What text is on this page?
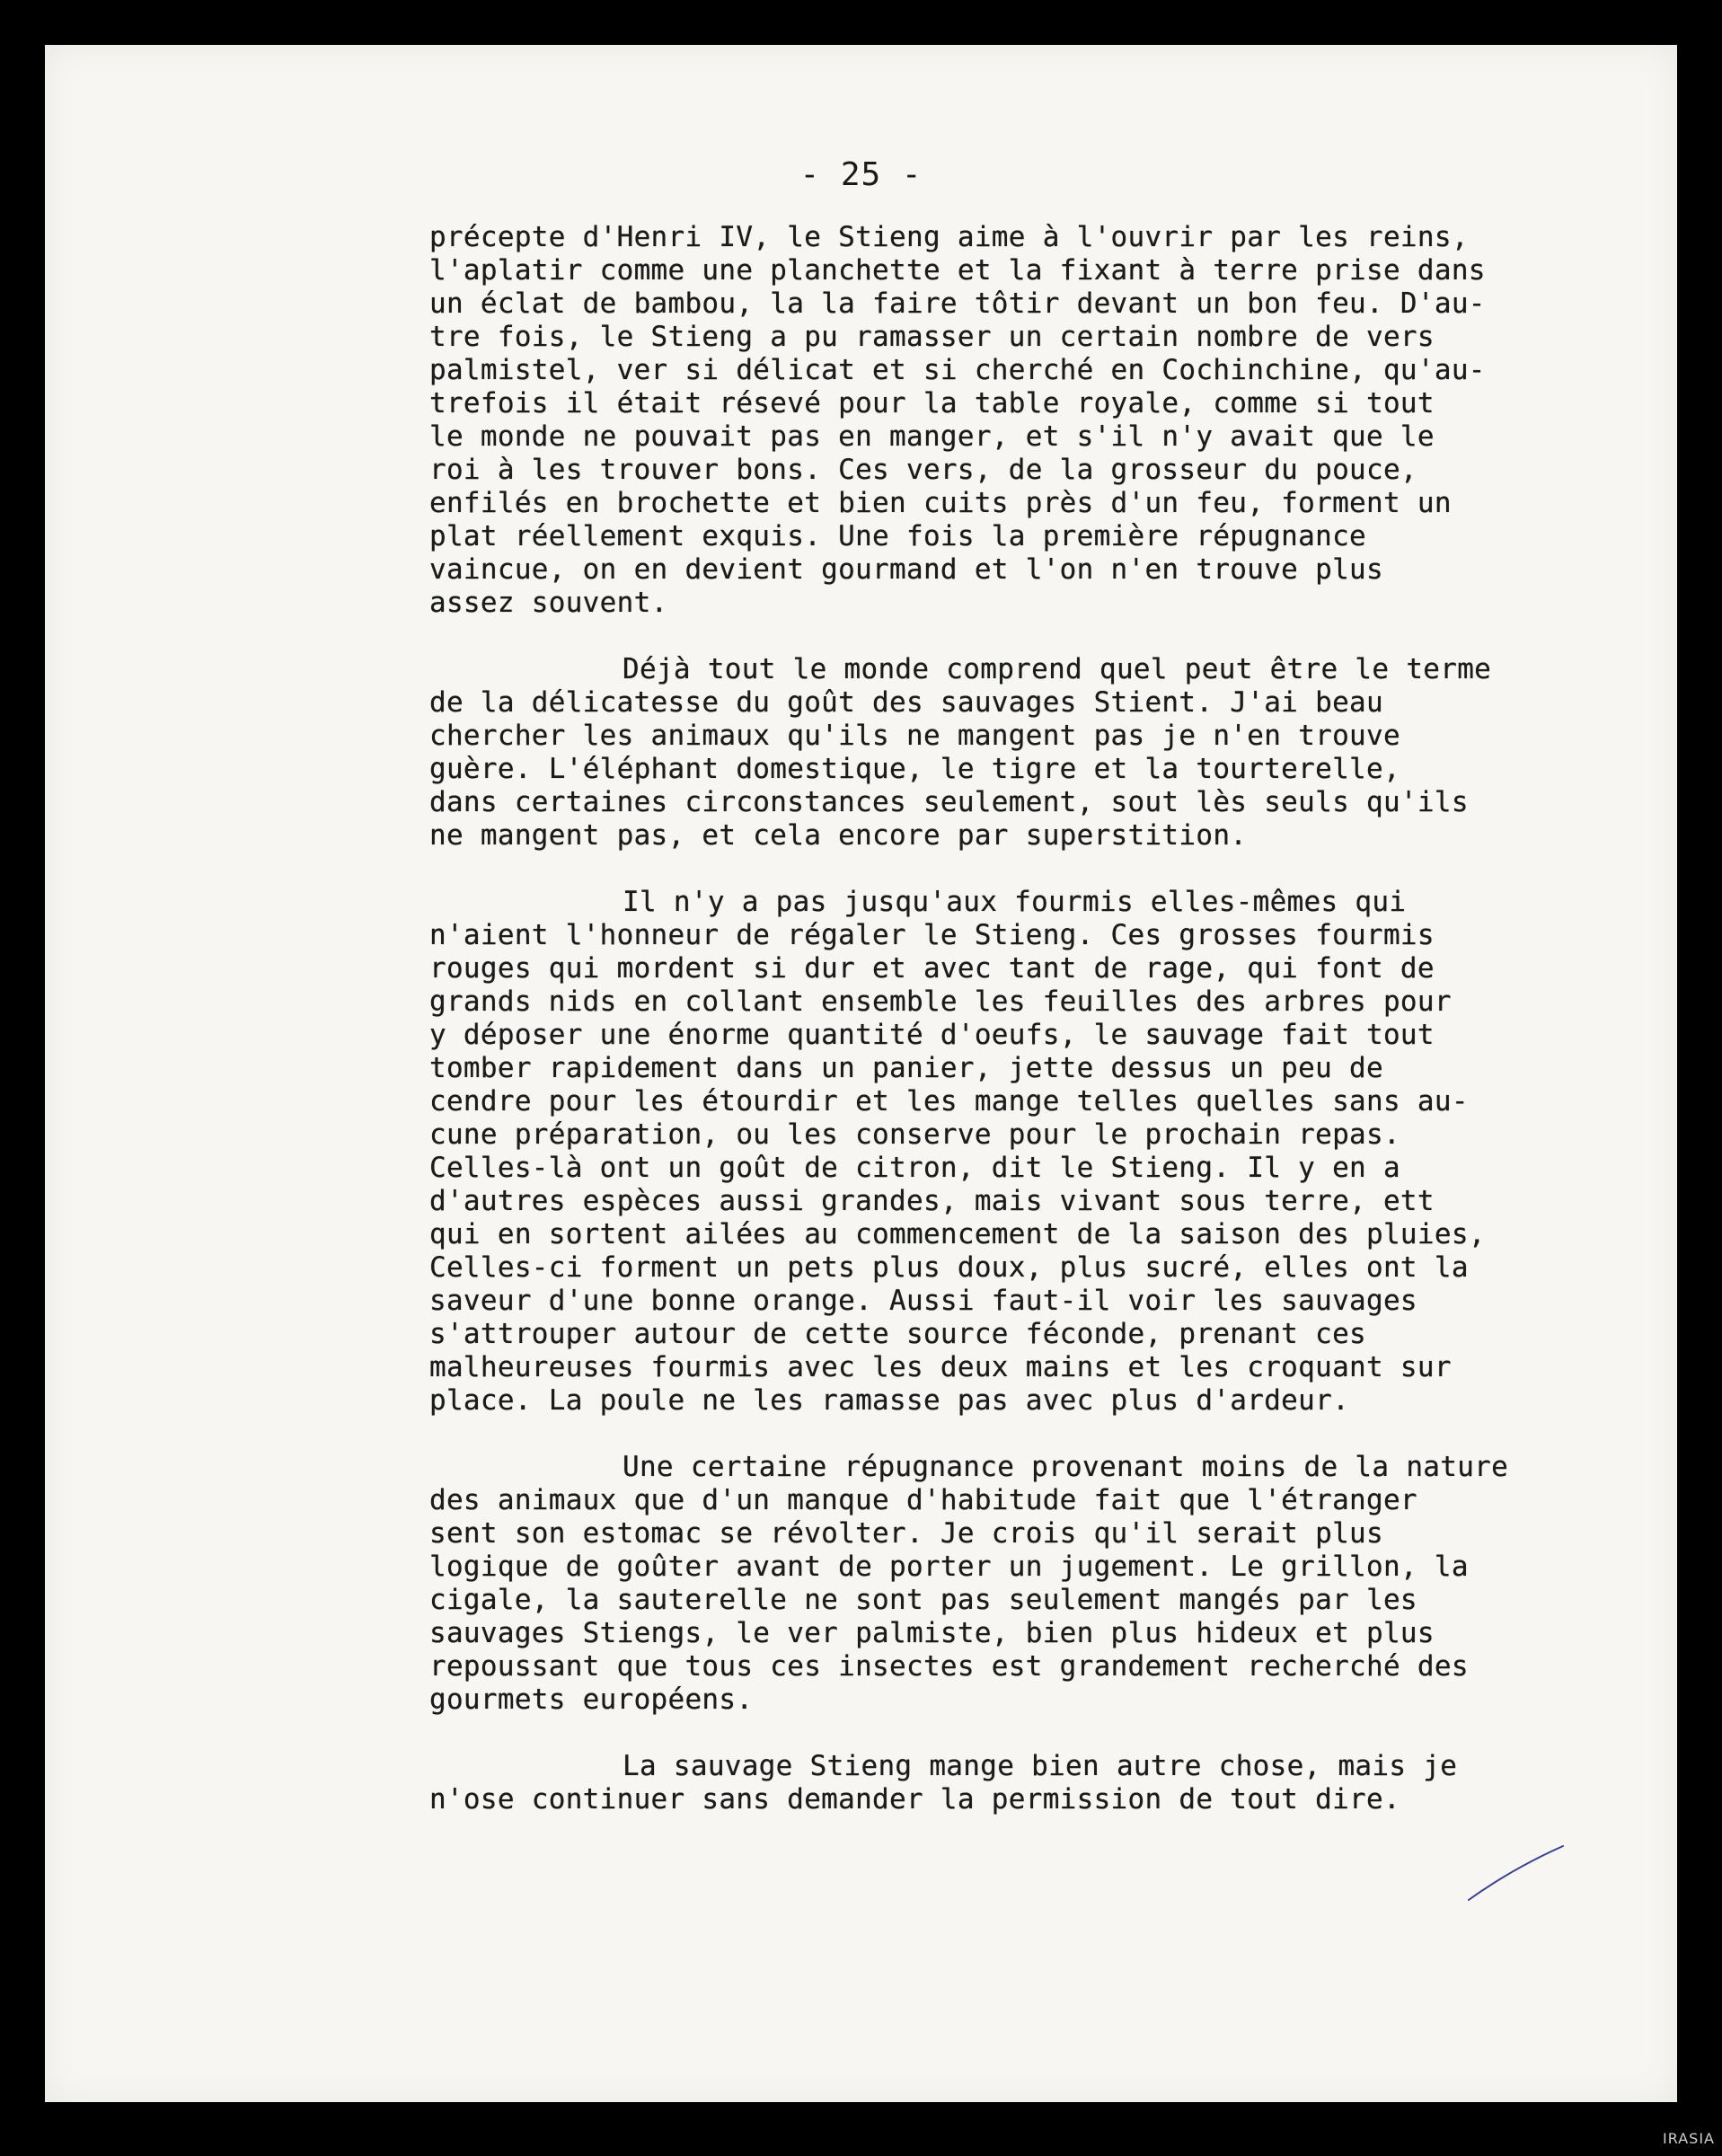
- 25 -
précepte d'Henri IV, le Stieng aime à l'ouvrir par les reins,
l'aplatir comme une planchette et la fixant à terre prise dans
un éclat de bambou, la la faire tôtir devant un bon feu. D'au-
tre fois, le Stieng a pu ramasser un certain nombre de vers
palmistel, ver si délicat et si cherché en Cochinchine, qu'au-
trefois il était résevé pour la table royale, comme si tout
le monde ne pouvait pas en manger, et s'il n'y avait que le
roi à les trouver bons. Ces vers, de la grosseur du pouce,
enfilés en brochette et bien cuits près d'un feu, forment un
plat réellement exquis. Une fois la première répugnance
vaincue, on en devient gourmand et l'on n'en trouve plus
assez souvent.
Déjà tout le monde comprend quel peut être le terme
de la délicatesse du goût des sauvages Stient. J'ai beau
chercher les animaux qu'ils ne mangent pas je n'en trouve
guère. L'éléphant domestique, le tigre et la tourterelle,
dans certaines circonstances seulement, sout lès seuls qu'ils
ne mangent pas, et cela encore par superstition.
Il n'y a pas jusqu'aux fourmis elles-mêmes qui
n'aient l'honneur de régaler le Stieng. Ces grosses fourmis
rouges qui mordent si dur et avec tant de rage, qui font de
grands nids en collant ensemble les feuilles des arbres pour
y déposer une énorme quantité d'oeufs, le sauvage fait tout
tomber rapidement dans un panier, jette dessus un peu de
cendre pour les étourdir et les mange telles quelles sans au-
cune préparation, ou les conserve pour le prochain repas.
Celles-là ont un goût de citron, dit le Stieng. Il y en a
d'autres espèces aussi grandes, mais vivant sous terre, ett
qui en sortent ailées au commencement de la saison des pluies,
Celles-ci forment un pets plus doux, plus sucré, elles ont la
saveur d'une bonne orange. Aussi faut-il voir les sauvages
s'attrouper autour de cette source féconde, prenant ces
malheureuses fourmis avec les deux mains et les croquant sur
place. La poule ne les ramasse pas avec plus d'ardeur.
Une certaine répugnance provenant moins de la nature
des animaux que d'un manque d'habitude fait que l'étranger
sent son estomac se révolter. Je crois qu'il serait plus
logique de goûter avant de porter un jugement. Le grillon, la
cigale, la sauterelle ne sont pas seulement mangés par les
sauvages Stiengs, le ver palmiste, bien plus hideux et plus
repoussant que tous ces insectes est grandement recherché des
gourmets européens.
La sauvage Stieng mange bien autre chose, mais je
n'ose continuer sans demander la permission de tout dire.
IRASIA
